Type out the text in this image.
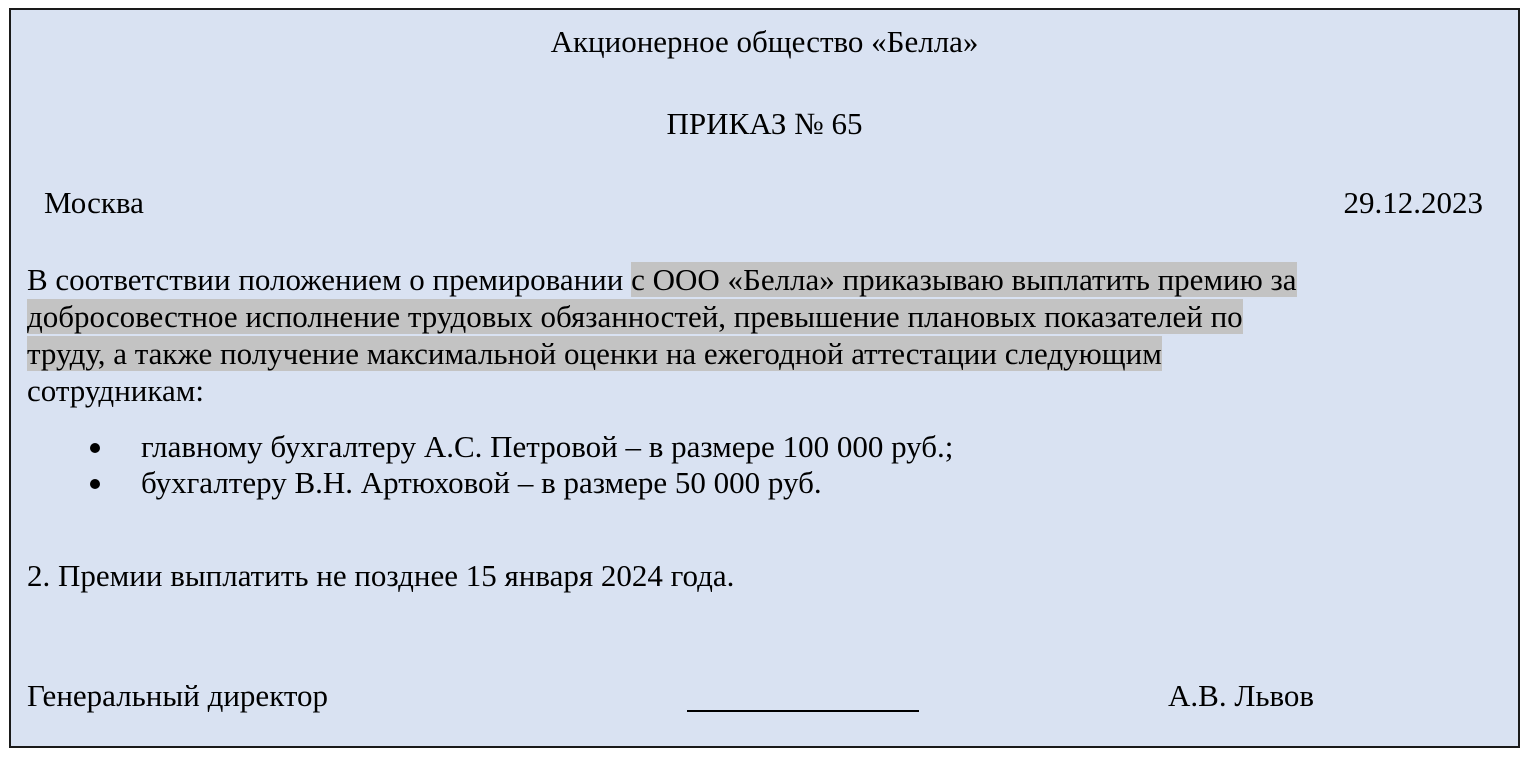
Акционерное общество «Белла»
ПРИКАЗ № 65
Москва	29.12.2023
В соответствии положением о премировании с ООО «Белла» приказываю выплатить премию за
добросовестное исполнение трудовых обязанностей, превышение плановых показателей по
труду, а также получение максимальной оценки на ежегодной аттестации следующим
сотрудникам:
главному бухгалтеру А.С. Петровой – в размере 100 000 руб.;
бухгалтеру В.Н. Артюховой – в размере 50 000 руб.
2. Премии выплатить не позднее 15 января 2024 года.
Генеральный директор	А.В. Львов
